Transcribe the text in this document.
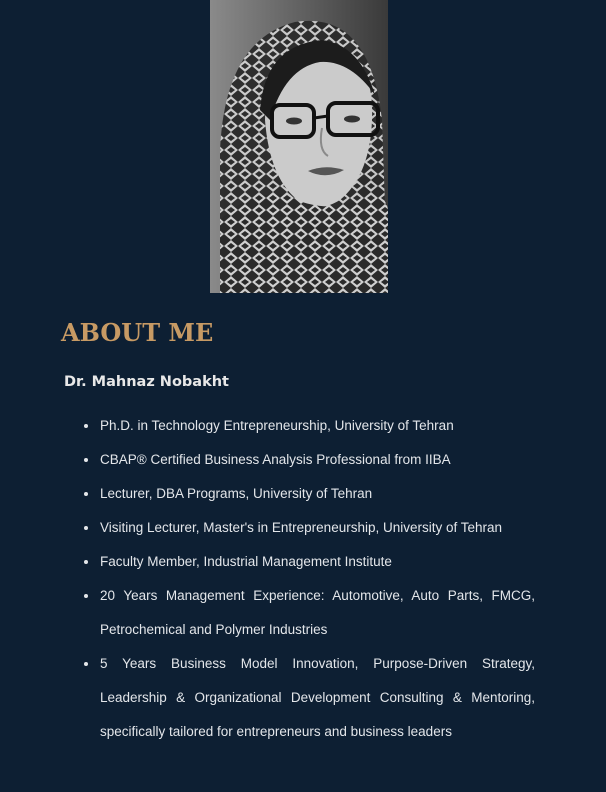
ABOUT ME
Dr. Mahnaz Nobakht
Ph.D. in Technology Entrepreneurship, University of Tehran
CBAP® Certified Business Analysis Professional from IIBA
Lecturer, DBA Programs, University of Tehran
Visiting Lecturer, Master's in Entrepreneurship, University of Tehran
Faculty Member, Industrial Management Institute
20 Years Management Experience: Automotive, Auto Parts, FMCG, Petrochemical and Polymer Industries
5 Years Business Model Innovation, Purpose-Driven Strategy, Leadership & Organizational Development Consulting & Mentoring, specifically tailored for entrepreneurs and business leaders
